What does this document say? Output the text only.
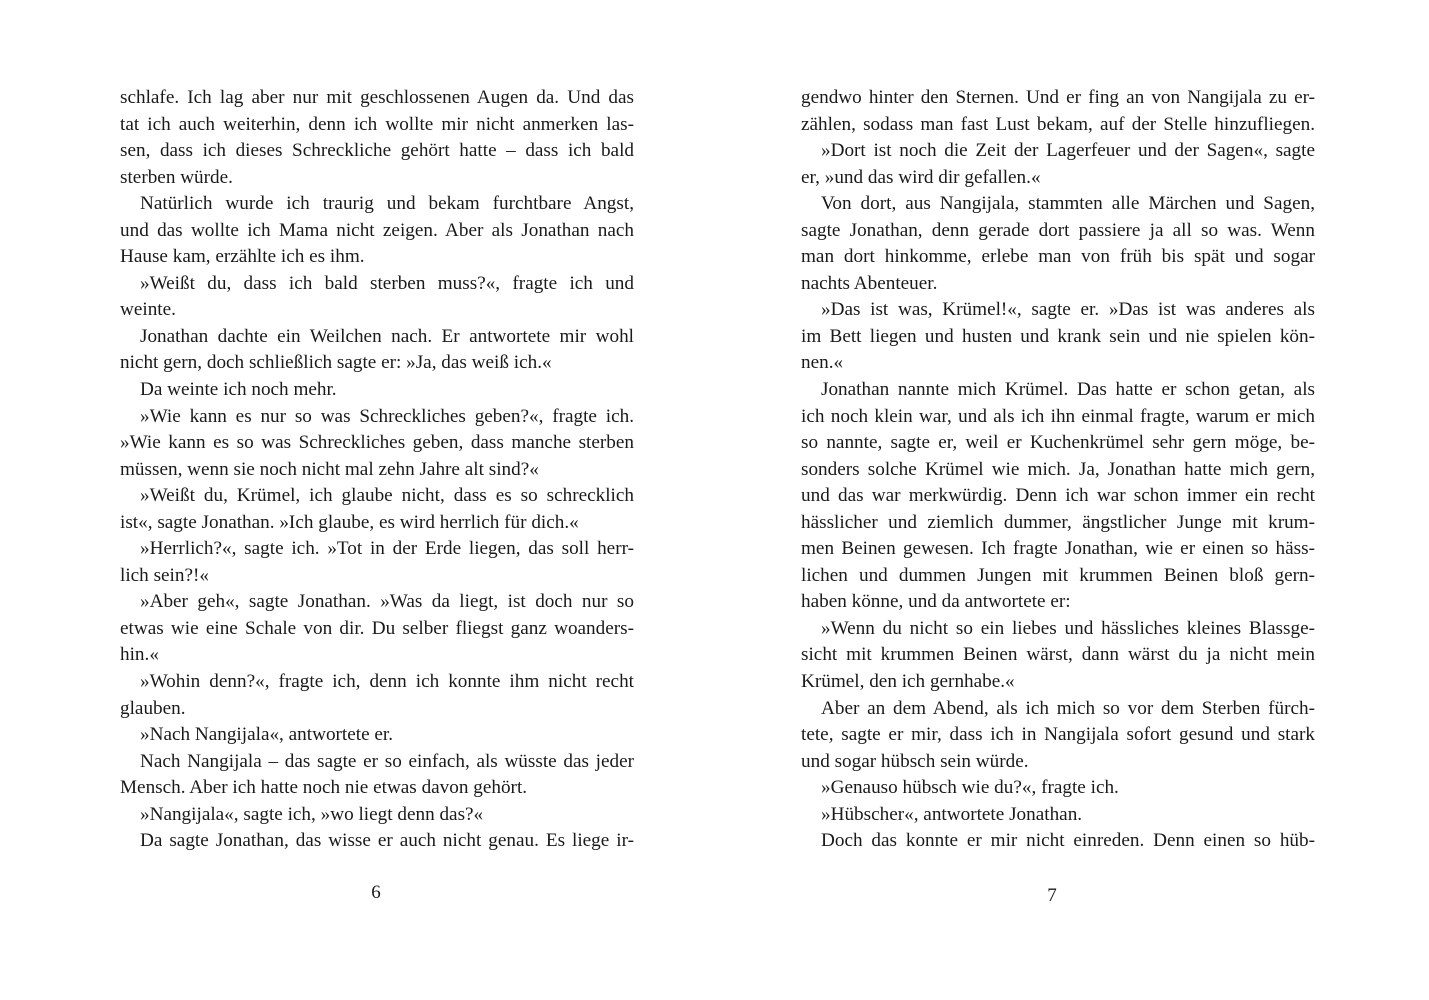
schlafe. Ich lag aber nur mit geschlossenen Augen da. Und das
tat ich auch weiterhin, denn ich wollte mir nicht anmerken las-
sen, dass ich dieses Schreckliche gehört hatte – dass ich bald
sterben würde.
Natürlich wurde ich traurig und bekam furchtbare Angst,
und das wollte ich Mama nicht zeigen. Aber als Jonathan nach
Hause kam, erzählte ich es ihm.
»Weißt du, dass ich bald sterben muss?«, fragte ich und
weinte.
Jonathan dachte ein Weilchen nach. Er antwortete mir wohl
nicht gern, doch schließlich sagte er: »Ja, das weiß ich.«
Da weinte ich noch mehr.
»Wie kann es nur so was Schreckliches geben?«, fragte ich.
»Wie kann es so was Schreckliches geben, dass manche sterben
müssen, wenn sie noch nicht mal zehn Jahre alt sind?«
»Weißt du, Krümel, ich glaube nicht, dass es so schrecklich
ist«, sagte Jonathan. »Ich glaube, es wird herrlich für dich.«
»Herrlich?«, sagte ich. »Tot in der Erde liegen, das soll herr-
lich sein?!«
»Aber geh«, sagte Jonathan. »Was da liegt, ist doch nur so
etwas wie eine Schale von dir. Du selber fliegst ganz woanders-
hin.«
»Wohin denn?«, fragte ich, denn ich konnte ihm nicht recht
glauben.
»Nach Nangijala«, antwortete er.
Nach Nangijala – das sagte er so einfach, als wüsste das jeder
Mensch. Aber ich hatte noch nie etwas davon gehört.
»Nangijala«, sagte ich, »wo liegt denn das?«
Da sagte Jonathan, das wisse er auch nicht genau. Es liege ir-
6
gendwo hinter den Sternen. Und er fing an von Nangijala zu er-
zählen, sodass man fast Lust bekam, auf der Stelle hinzufliegen.
»Dort ist noch die Zeit der Lagerfeuer und der Sagen«, sagte
er, »und das wird dir gefallen.«
Von dort, aus Nangijala, stammten alle Märchen und Sagen,
sagte Jonathan, denn gerade dort passiere ja all so was. Wenn
man dort hinkomme, erlebe man von früh bis spät und sogar
nachts Abenteuer.
»Das ist was, Krümel!«, sagte er. »Das ist was anderes als
im Bett liegen und husten und krank sein und nie spielen kön-
nen.«
Jonathan nannte mich Krümel. Das hatte er schon getan, als
ich noch klein war, und als ich ihn einmal fragte, warum er mich
so nannte, sagte er, weil er Kuchenkrümel sehr gern möge, be-
sonders solche Krümel wie mich. Ja, Jonathan hatte mich gern,
und das war merkwürdig. Denn ich war schon immer ein recht
hässlicher und ziemlich dummer, ängstlicher Junge mit krum-
men Beinen gewesen. Ich fragte Jonathan, wie er einen so häss-
lichen und dummen Jungen mit krummen Beinen bloß gern-
haben könne, und da antwortete er:
»Wenn du nicht so ein liebes und hässliches kleines Blassge-
sicht mit krummen Beinen wärst, dann wärst du ja nicht mein
Krümel, den ich gernhabe.«
Aber an dem Abend, als ich mich so vor dem Sterben fürch-
tete, sagte er mir, dass ich in Nangijala sofort gesund und stark
und sogar hübsch sein würde.
»Genauso hübsch wie du?«, fragte ich.
»Hübscher«, antwortete Jonathan.
Doch das konnte er mir nicht einreden. Denn einen so hüb-
7
